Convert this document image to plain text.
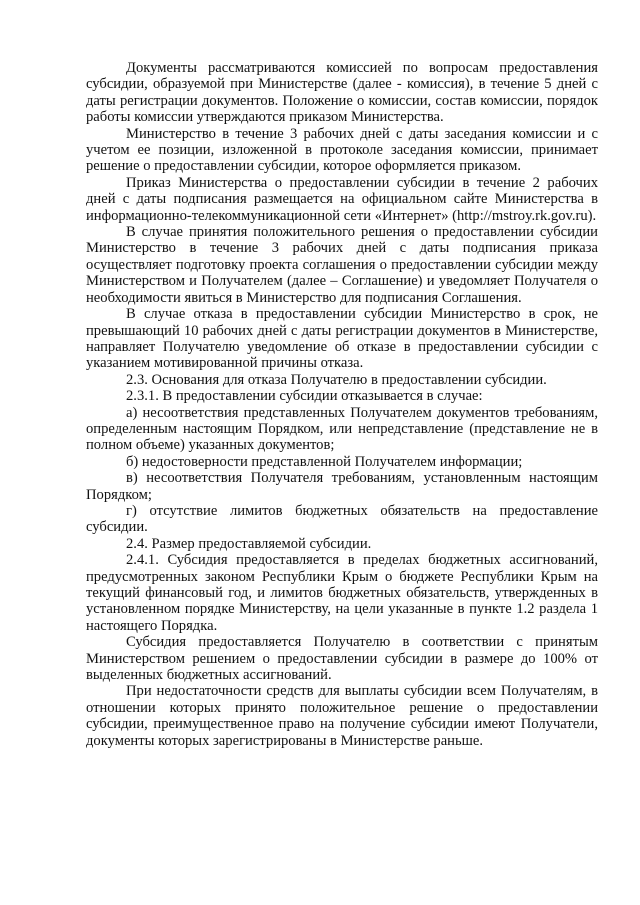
Документы рассматриваются комиссией по вопросам предоставления субсидии, образуемой при Министерстве (далее - комиссия), в течение 5 дней с даты регистрации документов. Положение о комиссии, состав комиссии, порядок работы комиссии утверждаются приказом Министерства.

Министерство в течение 3 рабочих дней с даты заседания комиссии и с учетом ее позиции, изложенной в протоколе заседания комиссии, принимает решение о предоставлении субсидии, которое оформляется приказом.

Приказ Министерства о предоставлении субсидии в течение 2 рабочих дней с даты подписания размещается на официальном сайте Министерства в информационно-телекоммуникационной сети «Интернет» (http://mstroy.rk.gov.ru).

В случае принятия положительного решения о предоставлении субсидии Министерство в течение 3 рабочих дней с даты подписания приказа осуществляет подготовку проекта соглашения о предоставлении субсидии между Министерством и Получателем (далее – Соглашение) и уведомляет Получателя о необходимости явиться в Министерство для подписания Соглашения.

В случае отказа в предоставлении субсидии Министерство в срок, не превышающий 10 рабочих дней с даты регистрации документов в Министерстве, направляет Получателю уведомление об отказе в предоставлении субсидии с указанием мотивированной причины отказа.

2.3. Основания для отказа Получателю в предоставлении субсидии.

2.3.1. В предоставлении субсидии отказывается в случае:

а) несоответствия представленных Получателем документов требованиям, определенным настоящим Порядком, или непредставление (представление не в полном объеме) указанных документов;

б) недостоверности представленной Получателем информации;

в) несоответствия Получателя требованиям, установленным настоящим Порядком;

г) отсутствие лимитов бюджетных обязательств на предоставление субсидии.

2.4. Размер предоставляемой субсидии.

2.4.1. Субсидия предоставляется в пределах бюджетных ассигнований, предусмотренных законом Республики Крым о бюджете Республики Крым на текущий финансовый год, и лимитов бюджетных обязательств, утвержденных в установленном порядке Министерству, на цели указанные в пункте 1.2 раздела 1 настоящего Порядка.

Субсидия предоставляется Получателю в соответствии с принятым Министерством решением о предоставлении субсидии в размере до 100% от выделенных бюджетных ассигнований.

При недостаточности средств для выплаты субсидии всем Получателям, в отношении которых принято положительное решение о предоставлении субсидии, преимущественное право на получение субсидии имеют Получатели, документы которых зарегистрированы в Министерстве раньше.
